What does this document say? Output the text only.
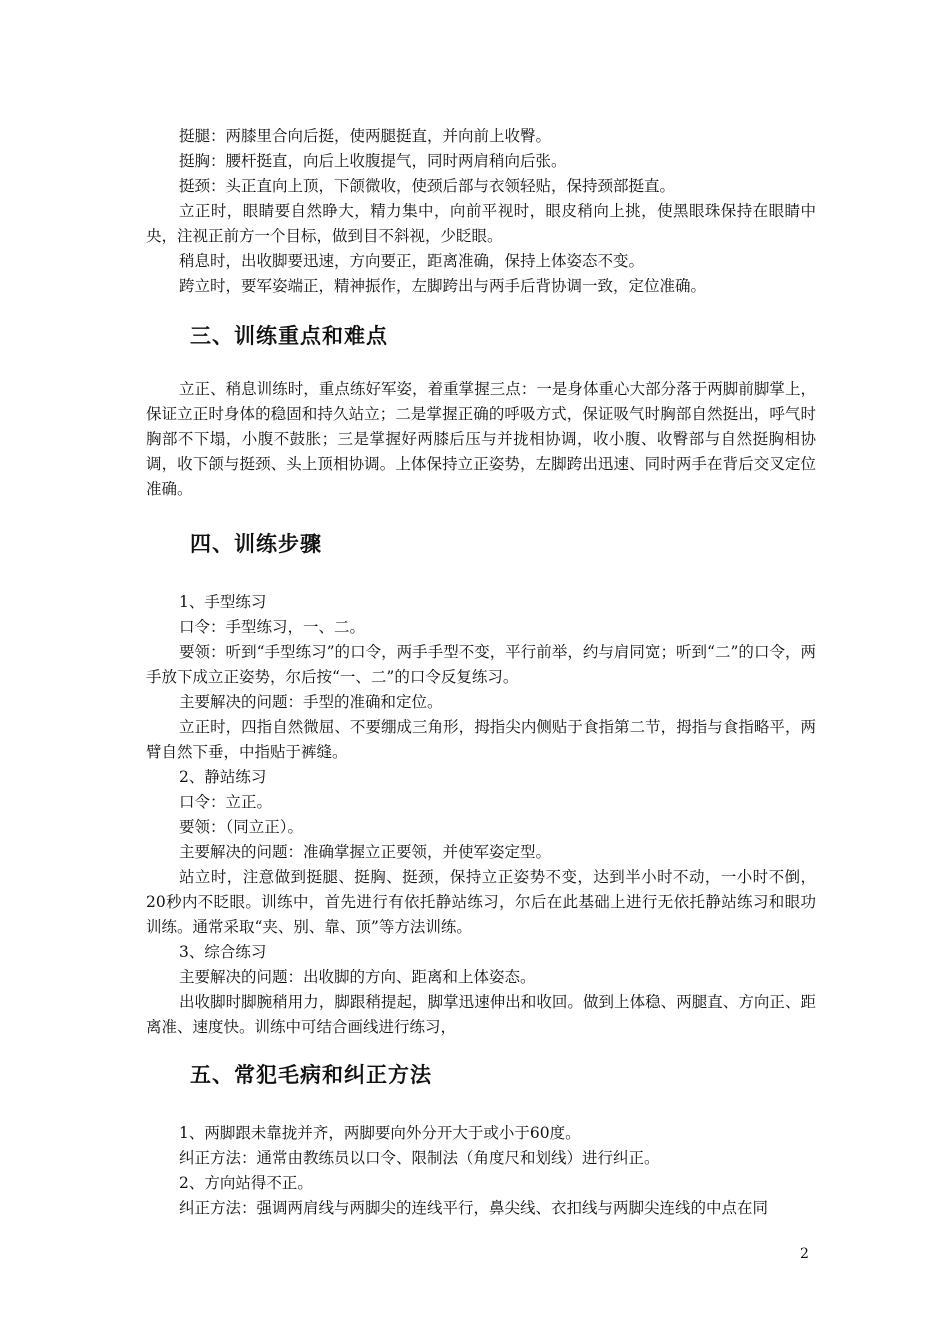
挺腿：两膝里合向后挺，使两腿挺直，并向前上收臀。

挺胸：腰杆挺直，向后上收腹提气，同时两肩稍向后张。

挺颈：头正直向上顶，下颌微收，使颈后部与衣领轻贴，保持颈部挺直。

立正时，眼睛要自然睁大，精力集中，向前平视时，眼皮稍向上挑，使黑眼珠保持在眼睛中央，注视正前方一个目标，做到目不斜视，少眨眼。

稍息时，出收脚要迅速，方向要正，距离准确，保持上体姿态不变。

跨立时，要军姿端正，精神振作，左脚跨出与两手后背协调一致，定位准确。

三、训练重点和难点

立正、稍息训练时，重点练好军姿，着重掌握三点：一是身体重心大部分落于两脚前脚掌上，保证立正时身体的稳固和持久站立；二是掌握正确的呼吸方式，保证吸气时胸部自然挺出，呼气时胸部不下塌，小腹不鼓胀；三是掌握好两膝后压与并拢相协调，收小腹、收臀部与自然挺胸相协调，收下颌与挺颈、头上顶相协调。上体保持立正姿势，左脚跨出迅速、同时两手在背后交叉定位准确。

四、训练步骤

1、手型练习

口令：手型练习，一、二。

要领：听到“手型练习”的口令，两手手型不变，平行前举，约与肩同宽；听到“二”的口令，两手放下成立正姿势，尔后按“一、二”的口令反复练习。

主要解决的问题：手型的准确和定位。

立正时，四指自然微屈、不要绷成三角形，拇指尖内侧贴于食指第二节，拇指与食指略平，两臂自然下垂，中指贴于裤缝。

2、静站练习

口令：立正。

要领：（同立正）。

主要解决的问题：准确掌握立正要领，并使军姿定型。

站立时，注意做到挺腿、挺胸、挺颈，保持立正姿势不变，达到半小时不动，一小时不倒，20秒内不眨眼。训练中，首先进行有依托静站练习，尔后在此基础上进行无依托静站练习和眼功训练。通常采取“夹、别、靠、顶”等方法训练。

3、综合练习

主要解决的问题：出收脚的方向、距离和上体姿态。

出收脚时脚腕稍用力，脚跟稍提起，脚掌迅速伸出和收回。做到上体稳、两腿直、方向正、距离准、速度快。训练中可结合画线进行练习，

五、常犯毛病和纠正方法

1、两脚跟未靠拢并齐，两脚要向外分开大于或小于60度。

纠正方法：通常由教练员以口令、限制法（角度尺和划线）进行纠正。

2、方向站得不正。

纠正方法：强调两肩线与两脚尖的连线平行，鼻尖线、衣扣线与两脚尖连线的中点在同

2
